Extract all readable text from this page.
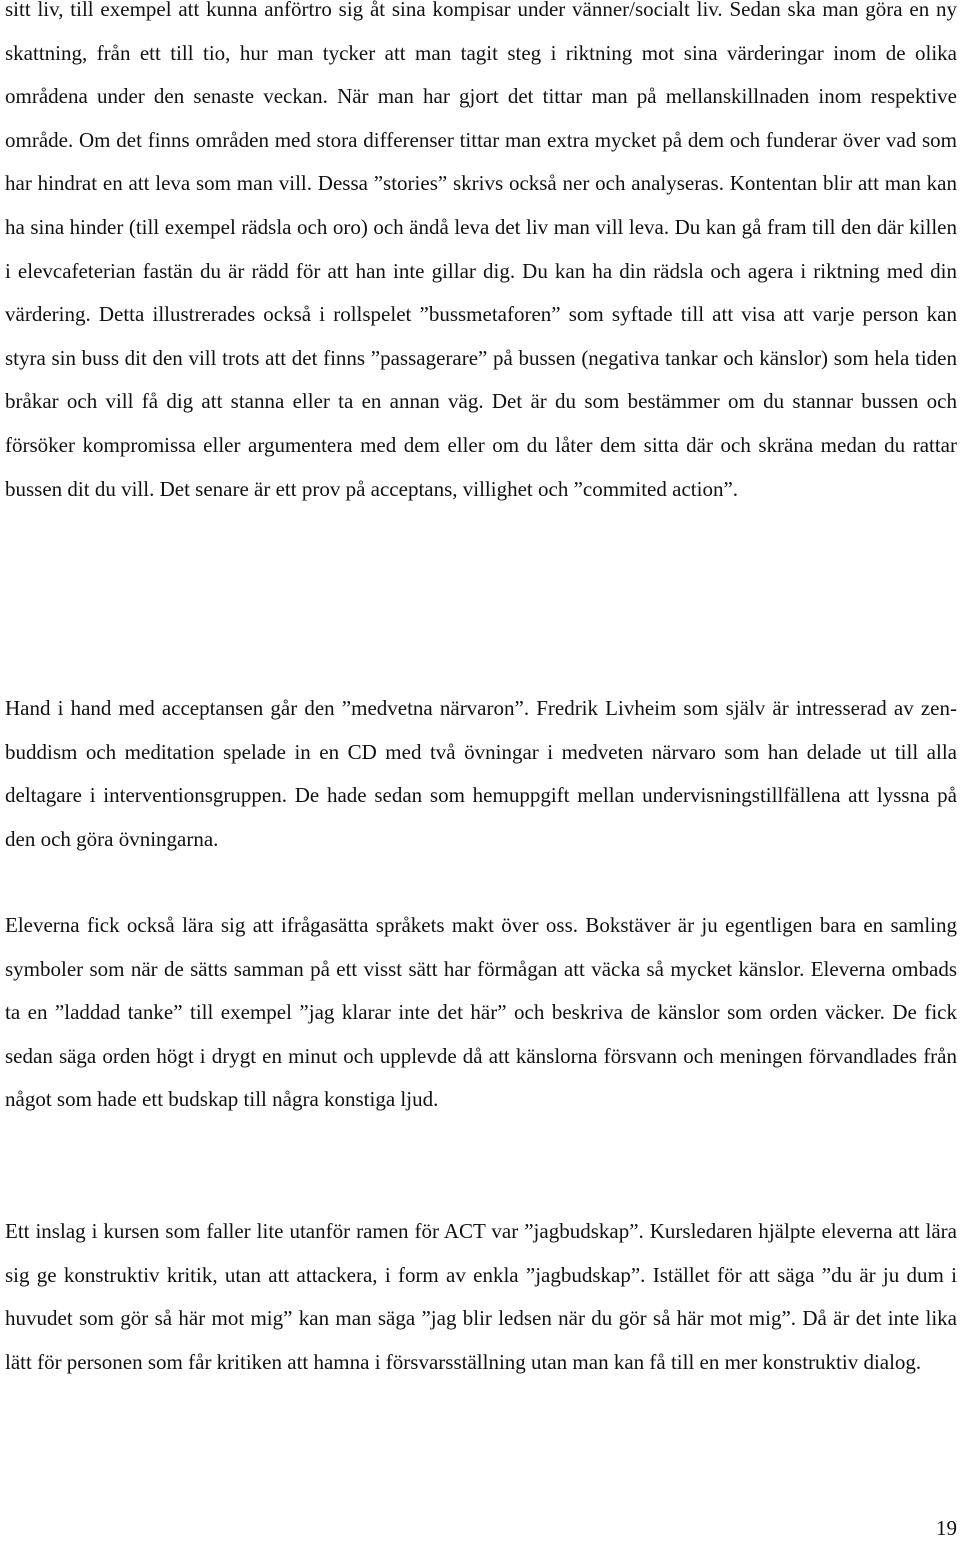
sitt liv, till exempel att kunna anförtro sig åt sina kompisar under vänner/socialt liv. Sedan ska man göra en ny skattning, från ett till tio, hur man tycker att man tagit steg i riktning mot sina värderingar inom de olika områdena under den senaste veckan. När man har gjort det tittar man på mellanskillnaden inom respektive område. Om det finns områden med stora differenser tittar man extra mycket på dem och funderar över vad som har hindrat en att leva som man vill. Dessa ”stories” skrivs också ner och analyseras. Kontentan blir att man kan ha sina hinder (till exempel rädsla och oro) och ändå leva det liv man vill leva. Du kan gå fram till den där killen i elevcafeterian fastän du är rädd för att han inte gillar dig. Du kan ha din rädsla och agera i riktning med din värdering. Detta illustrerades också i rollspelet ”bussmetaforen” som syftade till att visa att varje person kan styra sin buss dit den vill trots att det finns ”passagerare” på bussen (negativa tankar och känslor) som hela tiden bråkar och vill få dig att stanna eller ta en annan väg. Det är du som bestämmer om du stannar bussen och försöker kompromissa eller argumentera med dem eller om du låter dem sitta där och skräna medan du rattar bussen dit du vill. Det senare är ett prov på acceptans, villighet och ”commited action”.

Hand i hand med acceptansen går den ”medvetna närvaron”. Fredrik Livheim som själv är intresserad av zen-buddism och meditation spelade in en CD med två övningar i medveten närvaro som han delade ut till alla deltagare i interventionsgruppen. De hade sedan som hemuppgift mellan undervisningstillfällena att lyssna på den och göra övningarna.

Eleverna fick också lära sig att ifrågasätta språkets makt över oss. Bokstäver är ju egentligen bara en samling symboler som när de sätts samman på ett visst sätt har förmågan att väcka så mycket känslor. Eleverna ombads ta en ”laddad tanke” till exempel ”jag klarar inte det här” och beskriva de känslor som orden väcker. De fick sedan säga orden högt i drygt en minut och upplevde då att känslorna försvann och meningen förvandlades från något som hade ett budskap till några konstiga ljud.

Ett inslag i kursen som faller lite utanför ramen för ACT var ”jagbudskap”. Kursledaren hjälpte eleverna att lära sig ge konstruktiv kritik, utan att attackera, i form av enkla ”jagbudskap”. Istället för att säga ”du är ju dum i huvudet som gör så här mot mig” kan man säga ”jag blir ledsen när du gör så här mot mig”. Då är det inte lika lätt för personen som får kritiken att hamna i försvarsställning utan man kan få till en mer konstruktiv dialog.

19
